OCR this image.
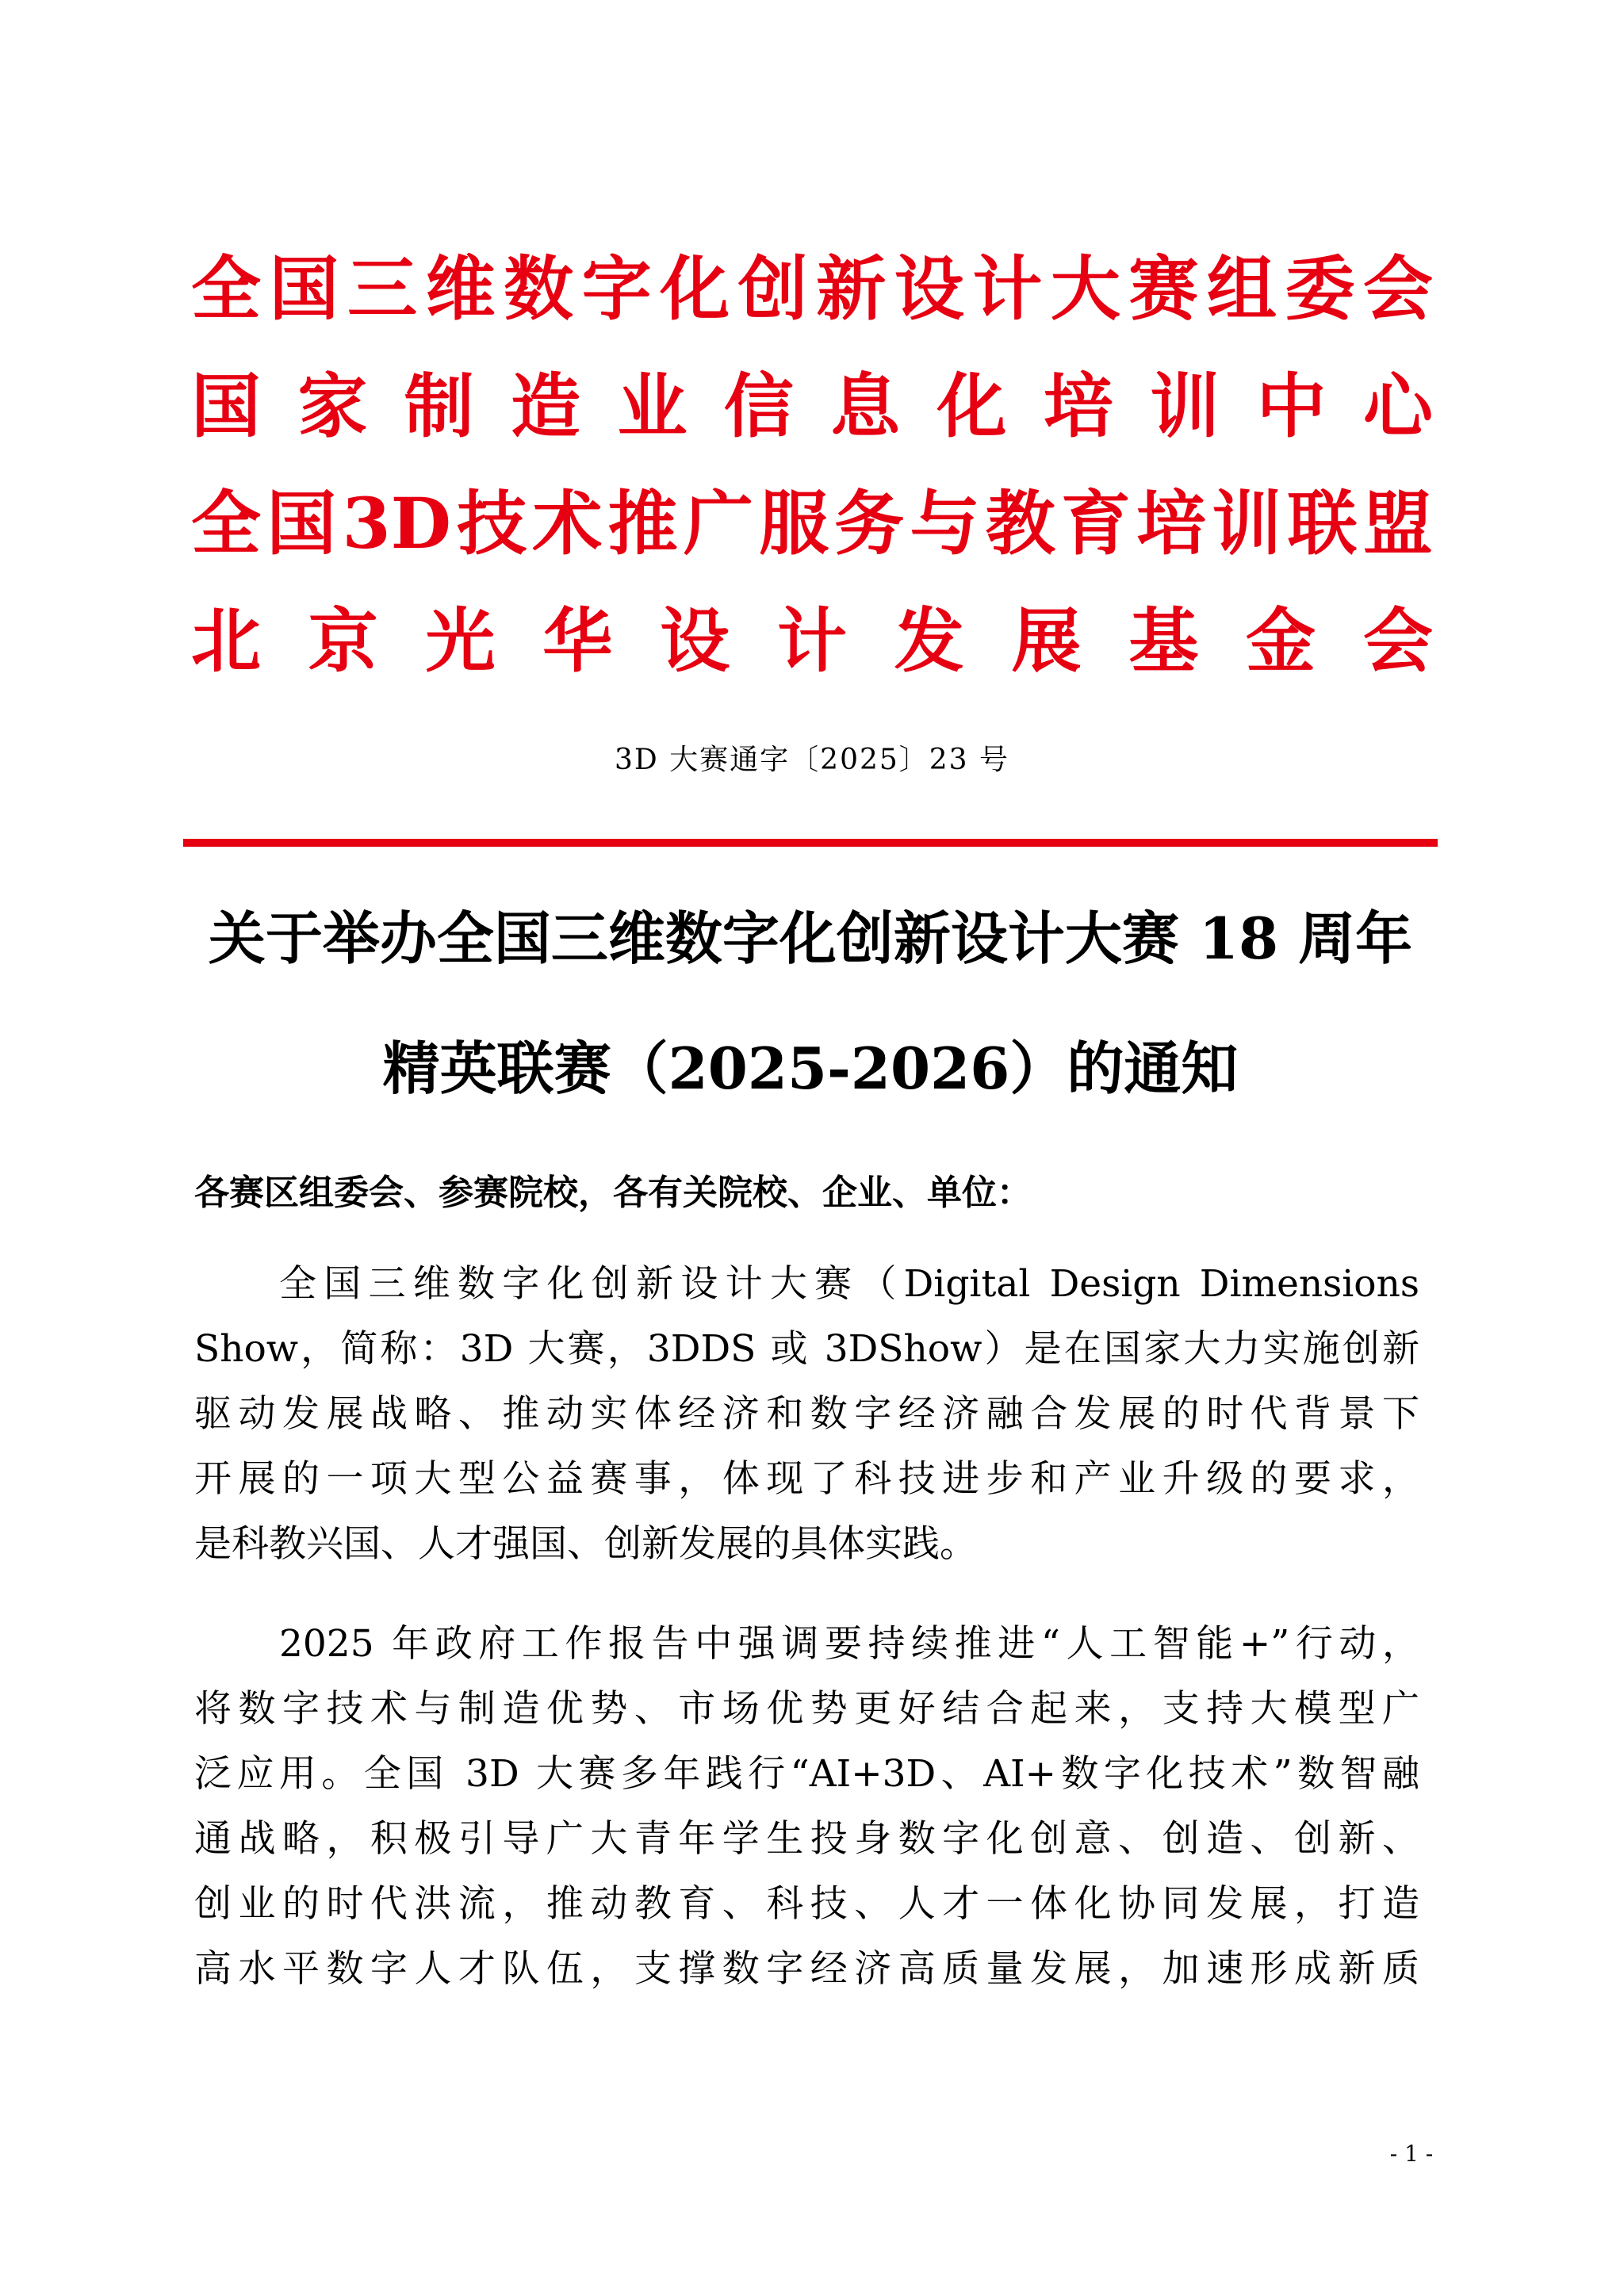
全 国 三 维 数 字 化 创 新 设 计 大 赛 组 委 会
国 家 制 造 业 信 息 化 培 训 中 心
全 国 3D 技 术 推 广 服 务 与 教 育 培 训 联 盟
北 京 光 华 设 计 发 展 基 金 会
3D 大赛通字〔2025〕23 号
关于举办全国三维数字化创新设计大赛 18 周年
精英联赛（2025-2026）的通知
各赛区组委会、参赛院校，各有关院校、企业、单位：
全国三维数字化创新设计大赛（Digital Design Dimensions
Show，简称：3D 大赛，3DDS 或 3DShow）是在国家大力实施创新
驱动发展战略、推动实体经济和数字经济融合发展的时代背景下
开展的一项大型公益赛事，体现了科技进步和产业升级的要求，
是科教兴国、人才强国、创新发展的具体实践。
2025 年政府工作报告中强调要持续推进“人工智能+”行动，
将数字技术与制造优势、市场优势更好结合起来，支持大模型广
泛应用。全国 3D 大赛多年践行“AI+3D、AI+数字化技术”数智融
通战略，积极引导广大青年学生投身数字化创意、创造、创新、
创业的时代洪流，推动教育、科技、人才一体化协同发展，打造
高水平数字人才队伍，支撑数字经济高质量发展，加速形成新质
- 1 -
